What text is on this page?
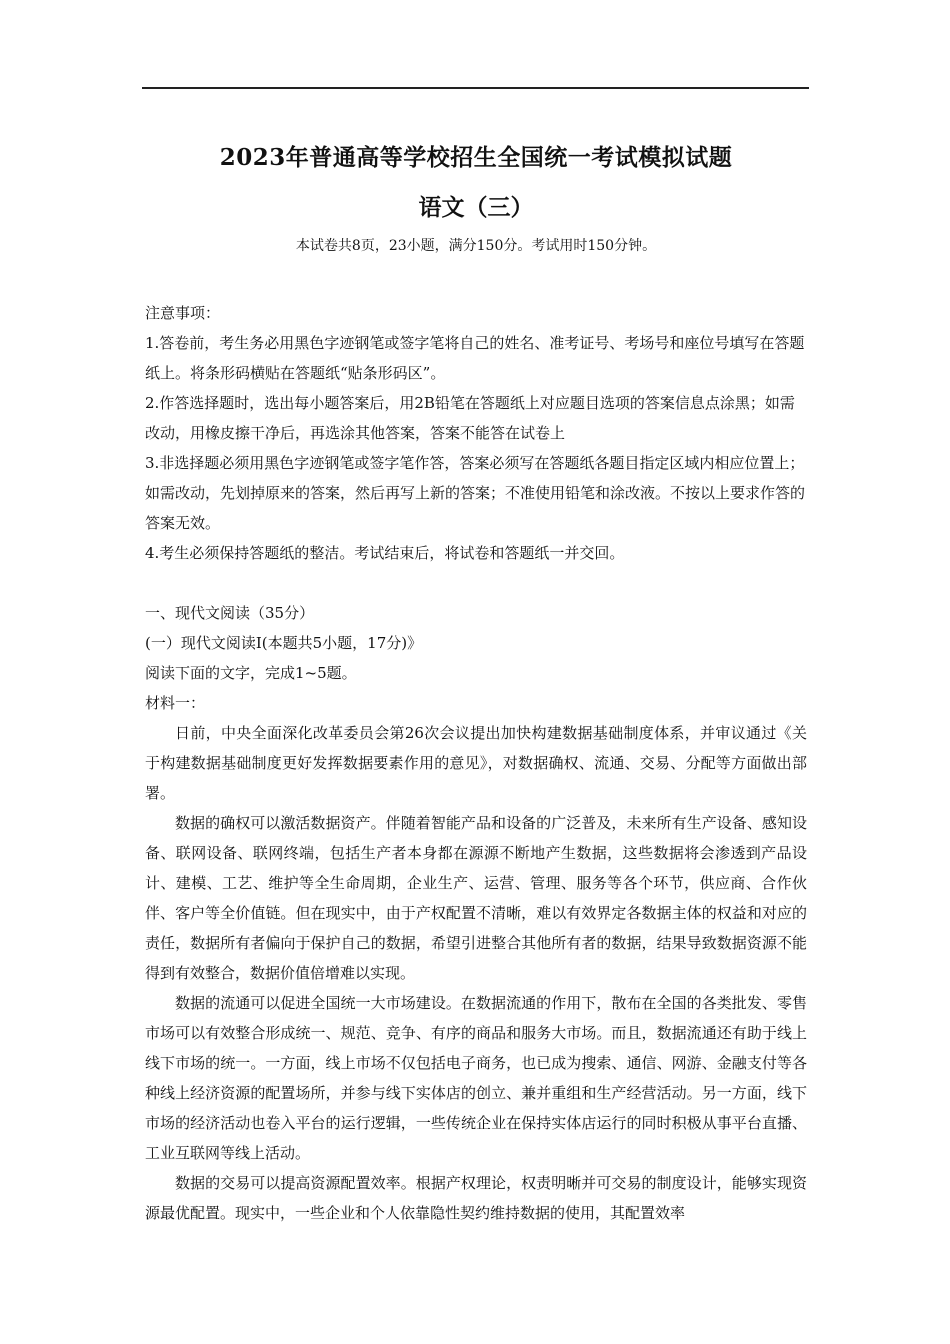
2023年普通高等学校招生全国统一考试模拟试题
语文（三）

本试卷共8页，23小题，满分150分。考试用时150分钟。

注意事项：

1.答卷前，考生务必用黑色字迹钢笔或签字笔将自己的姓名、准考证号、考场号和座位号填写在答题纸上。将条形码横贴在答题纸“贴条形码区”。

2.作答选择题时，选出每小题答案后，用2B铅笔在答题纸上对应题目选项的答案信息点涂黑；如需改动，用橡皮擦干净后，再选涂其他答案，答案不能答在试卷上

3.非选择题必须用黑色字迹钢笔或签字笔作答，答案必须写在答题纸各题目指定区域内相应位置上；如需改动，先划掉原来的答案，然后再写上新的答案；不准使用铅笔和涂改液。不按以上要求作答的答案无效。

4.考生必须保持答题纸的整洁。考试结束后，将试卷和答题纸一并交回。

一、现代文阅读（35分）

(一）现代文阅读Ⅰ(本题共5小题，17分)》

阅读下面的文字，完成1~5题。

材料一：

日前，中央全面深化改革委员会第26次会议提出加快构建数据基础制度体系，并审议通过《关于构建数据基础制度更好发挥数据要素作用的意见》，对数据确权、流通、交易、分配等方面做出部署。

数据的确权可以激活数据资产。伴随着智能产品和设备的广泛普及，未来所有生产设备、感知设备、联网设备、联网终端，包括生产者本身都在源源不断地产生数据，这些数据将会渗透到产品设计、建模、工艺、维护等全生命周期，企业生产、运营、管理、服务等各个环节，供应商、合作伙伴、客户等全价值链。但在现实中，由于产权配置不清晰，难以有效界定各数据主体的权益和对应的责任，数据所有者偏向于保护自己的数据，希望引进整合其他所有者的数据，结果导致数据资源不能得到有效整合，数据价值倍增难以实现。

数据的流通可以促进全国统一大市场建设。在数据流通的作用下，散布在全国的各类批发、零售市场可以有效整合形成统一、规范、竞争、有序的商品和服务大市场。而且，数据流通还有助于线上线下市场的统一。一方面，线上市场不仅包括电子商务，也已成为搜索、通信、网游、金融支付等各种线上经济资源的配置场所，并参与线下实体店的创立、兼并重组和生产经营活动。另一方面，线下市场的经济活动也卷入平台的运行逻辑，一些传统企业在保持实体店运行的同时积极从事平台直播、工业互联网等线上活动。

数据的交易可以提高资源配置效率。根据产权理论，权责明晰并可交易的制度设计，能够实现资源最优配置。现实中，一些企业和个人依靠隐性契约维持数据的使用，其配置效率
